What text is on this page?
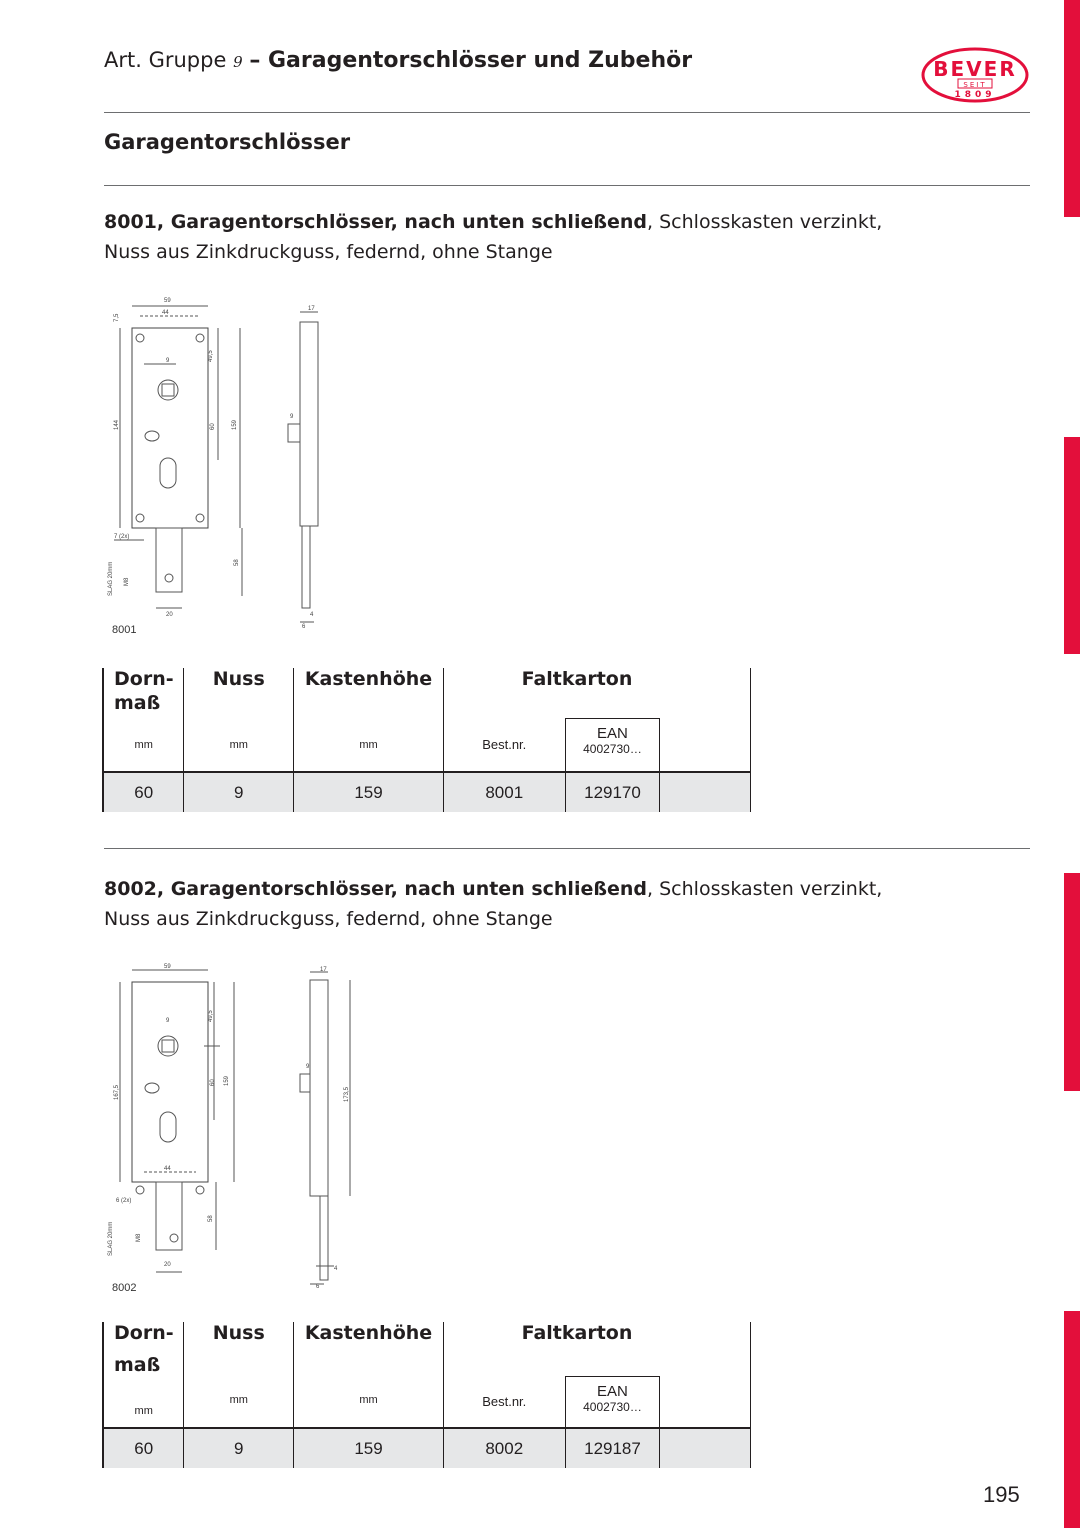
Art. Gruppe 9 – Garagentorschlösser und Zubehör	BEVER
SEIT
1809
Garagentorschlösser
8001, Garagentorschlösser, nach unten schließend, Schlosskasten verzinkt,
Nuss aus Zinkdruckguss, federnd, ohne Stange
59
44
9	49,5
60	159
144
58
20
7 (2x)
SLAG 20mm M8
7,5
8001
17
9
4
6
Dorn-
maß	Nuss	Kastenhöhe	Faltkarton		

mm	mm	mm	Best.nr.	EAN
4002730…	

60	9	159	8001	129170	
8002, Garagentorschlösser, nach unten schließend, Schlosskasten verzinkt,
Nuss aus Zinkdruckguss, federnd, ohne Stange
59
9
44
49,5
60 159
167,5
58
20
6 (2x)
SLAG 20mm	M8
8002
17
9
173,5
4
6
Dorn-
maß	Nuss	Kastenhöhe	Faltkarton		

mm	mm	mm	Best.nr.	EAN
4002730…	

60	9	159	8002	129187	
195
